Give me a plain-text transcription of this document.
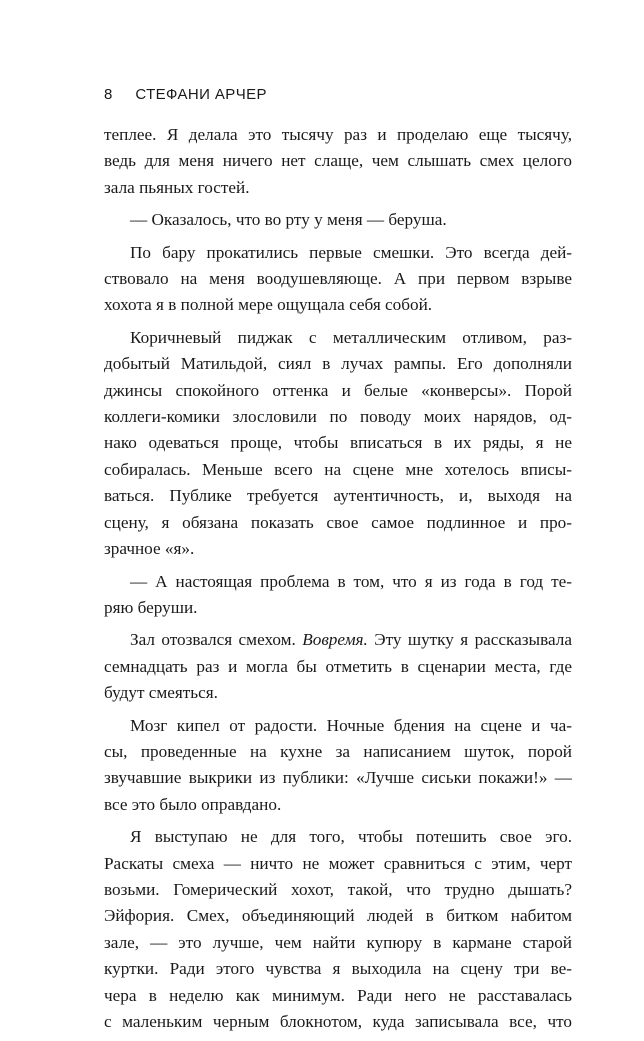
8 СТЕФАНИ АРЧЕР

теплее. Я делала это тысячу раз и проделаю еще тысячу,
ведь для меня ничего нет слаще, чем слышать смех целого
зала пьяных гостей.

— Оказалось, что во рту у меня — беруша.

По бару прокатились первые смешки. Это всегда дей-
ствовало на меня воодушевляюще. А при первом взрыве
хохота я в полной мере ощущала себя собой.

Коричневый пиджак с металлическим отливом, раз-
добытый Матильдой, сиял в лучах рампы. Его дополняли
джинсы спокойного оттенка и белые «конверсы». Порой
коллеги-комики злословили по поводу моих нарядов, од-
нако одеваться проще, чтобы вписаться в их ряды, я не
собиралась. Меньше всего на сцене мне хотелось вписы-
ваться. Публике требуется аутентичность, и, выходя на
сцену, я обязана показать свое самое подлинное и про-
зрачное «я».

— А настоящая проблема в том, что я из года в год те-
ряю беруши.

Зал отозвался смехом. Вовремя. Эту шутку я рассказывала
семнадцать раз и могла бы отметить в сценарии места, где
будут смеяться.

Мозг кипел от радости. Ночные бдения на сцене и ча-
сы, проведенные на кухне за написанием шуток, порой
звучавшие выкрики из публики: «Лучше сиськи покажи!» —
все это было оправдано.

Я выступаю не для того, чтобы потешить свое эго.
Раскаты смеха — ничто не может сравниться с этим, черт
возьми. Гомерический хохот, такой, что трудно дышать?
Эйфория. Смех, объединяющий людей в битком набитом
зале, — это лучше, чем найти купюру в кармане старой
куртки. Ради этого чувства я выходила на сцену три ве-
чера в неделю как минимум. Ради него не расставалась
с маленьким черным блокнотом, куда записывала все, что
